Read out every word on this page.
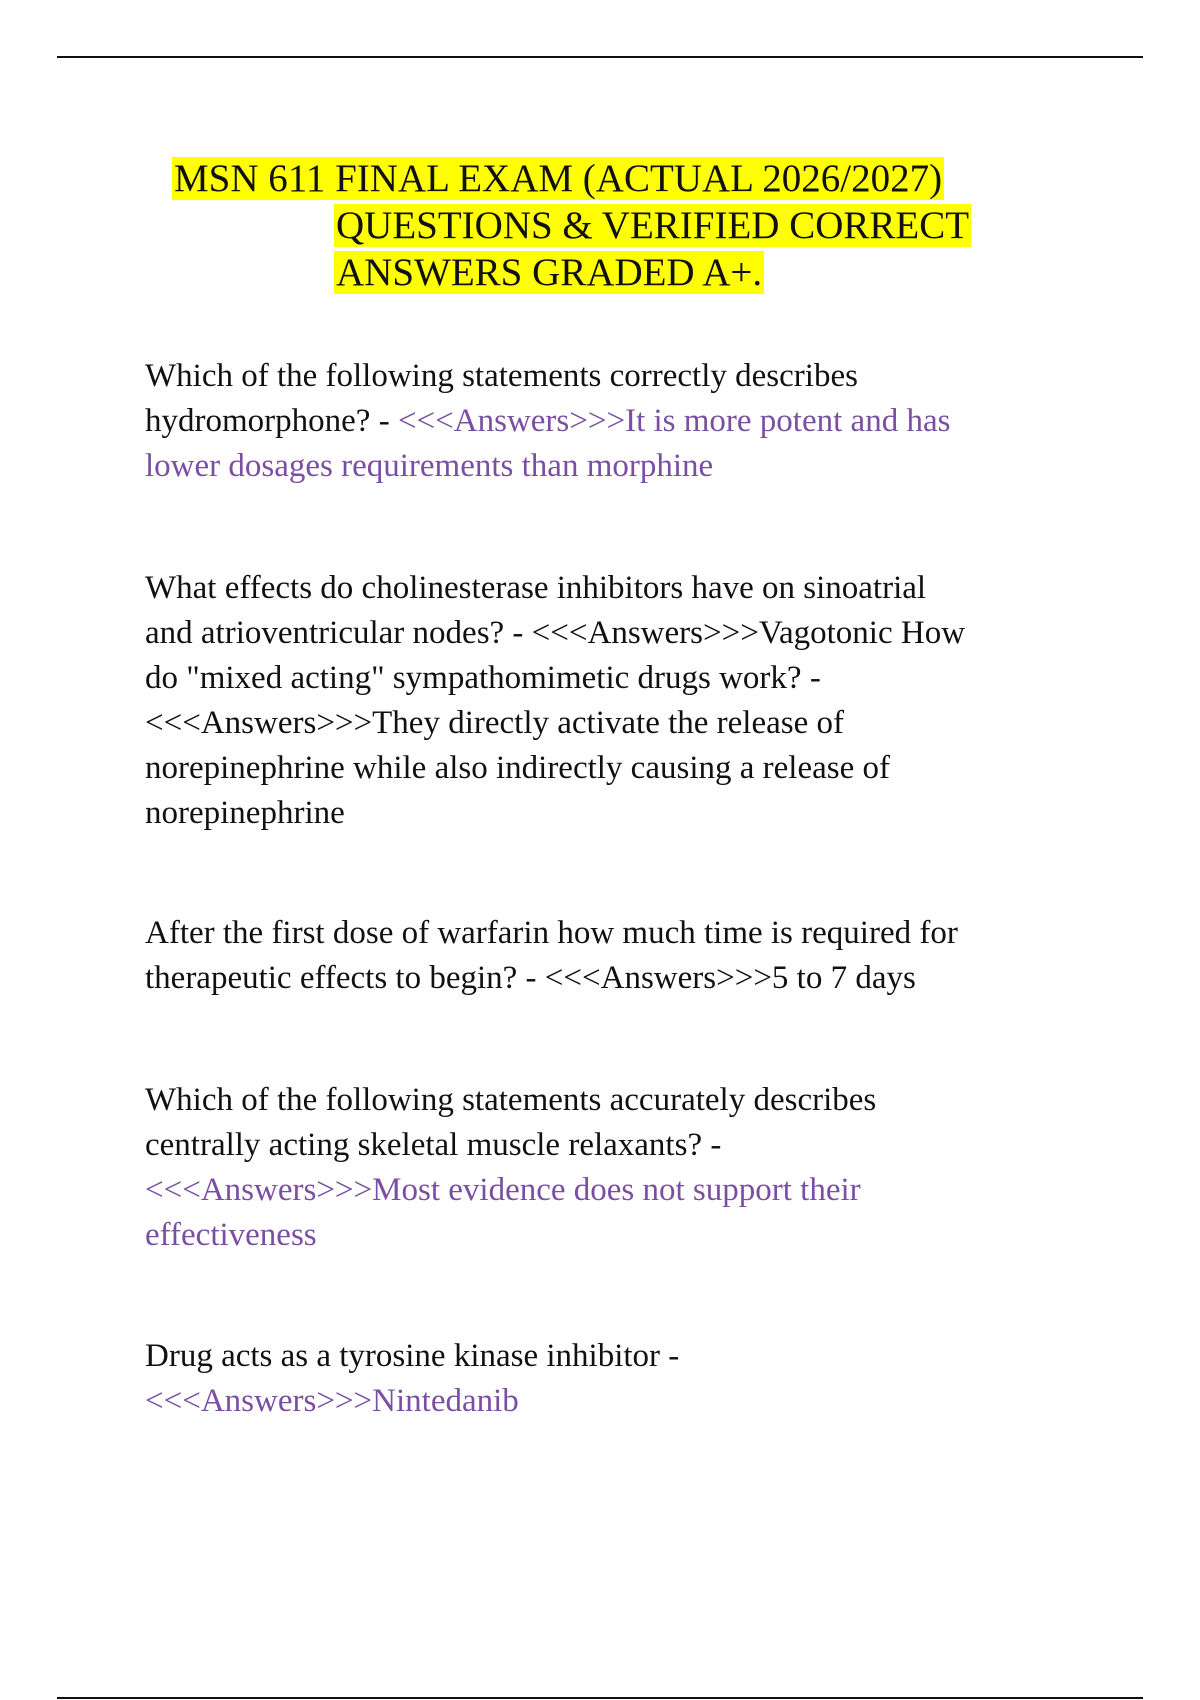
MSN 611 FINAL EXAM (ACTUAL 2026/2027)
QUESTIONS & VERIFIED CORRECT
ANSWERS GRADED A+.
Which of the following statements correctly describes
hydromorphone? - <<<Answers>>>It is more potent and has
lower dosages requirements than morphine
What effects do cholinesterase inhibitors have on sinoatrial
and atrioventricular nodes? - <<<Answers>>>Vagotonic How
do "mixed acting" sympathomimetic drugs work? -
<<<Answers>>>They directly activate the release of
norepinephrine while also indirectly causing a release of
norepinephrine
After the first dose of warfarin how much time is required for
therapeutic effects to begin? - <<<Answers>>>5 to 7 days
Which of the following statements accurately describes
centrally acting skeletal muscle relaxants? -
<<<Answers>>>Most evidence does not support their
effectiveness
Drug acts as a tyrosine kinase inhibitor -
<<<Answers>>>Nintedanib
